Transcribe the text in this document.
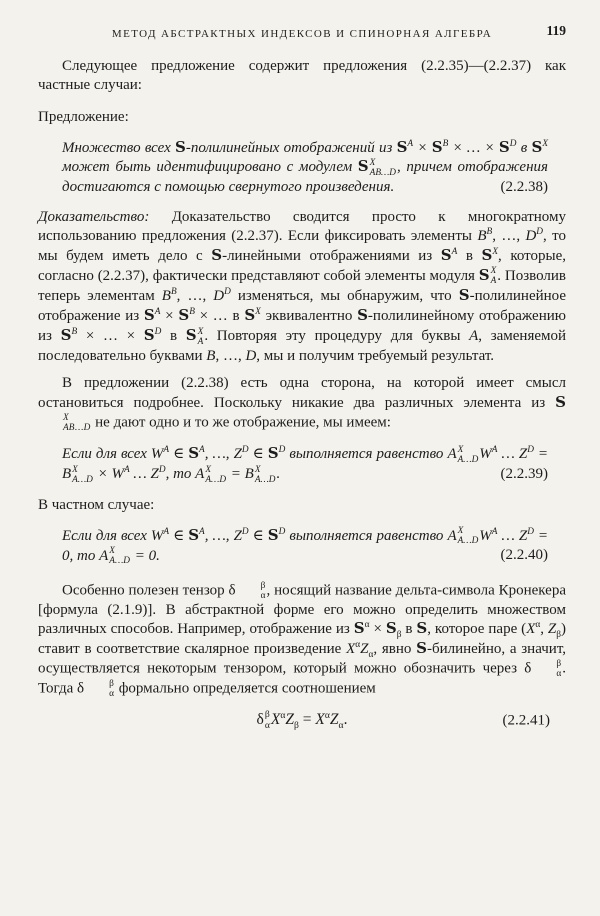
МЕТОД АБСТРАКТНЫХ ИНДЕКСОВ И СПИНОРНАЯ АЛГЕБРА	119

Следующее предложение содержит предложения (2.2.35)—(2.2.37) как частные случаи:

Предложение:

Множество всех S-полилинейных отображений из $S^A \times S^B$ × … × $S^D$ в $S^X$ может быть идентифицировано с модулем S X
AB…D , причем отображения достигаются с помощью свернутого произведения.	(2.2.38)

Доказательство: Доказательство сводится просто к многократному использованию предложения (2.2.37). Если фиксировать элементы $B^B$, …, $D^D$, то мы будем иметь дело с S-линейными отображениями из $S^A$ в $S^X$, которые, согласно (2.2.37), фактически представляют собой элементы модуля S X
A . Позволив теперь элементам $B^B$, …, $D^D$ изменяться, мы обнаружим, что S-полилинейное отображение из $S^A \times S^B$ × … в $S^X$ эквивалентно S-полилинейному отображению из $S^B$ × … × $S^D$ в S X
A . Повторяя эту процедуру для буквы A, заменяемой последовательно буквами B, …, D, мы и получим требуемый результат.

В предложении (2.2.38) есть одна сторона, на которой имеет смысл остановиться подробнее. Поскольку никакие два различных элемента из S
X
AB…D не дают одно и то же отображение, мы имеем:

Если для всех $W^A$ ∈ $S^A$, …, $Z^D$ ∈ $S^D$ выполняется равенство A X
A…D $W^A$ … $Z^D = B$ X
A…D × $W^A$ … $Z^D$, то A X
A…D = B X
A…D .	(2.2.39)

В частном случае:

Если для всех $W^A$ ∈ $S^A$, …, $Z^D$ ∈ $S^D$ выполняется равенство A X
A…D $W^A$ … $Z^D = 0$, то A X
A…D = 0.	(2.2.40)

Особенно полезен тензор δ	β
α , носящий название дельта-символа Кронекера [формула (2.1.9)]. В абстрактной форме его можно определить множеством различных способов. Например, отображение из $S^\alpha \times S_\beta$ в S, которое паре ($X^\alpha$, $Z_\beta$) ставит в соответствие скалярное произведение $X^\alpha Z_\alpha$, явно S-билинейно, а значит, осуществляется некоторым тензором, который можно обозначить через δ	β
α . Тогда δ	β
α формально определяется соотношением

δ β
α $X^\alpha Z_\beta = X^\alpha Z_\alpha$.	(2.2.41)
